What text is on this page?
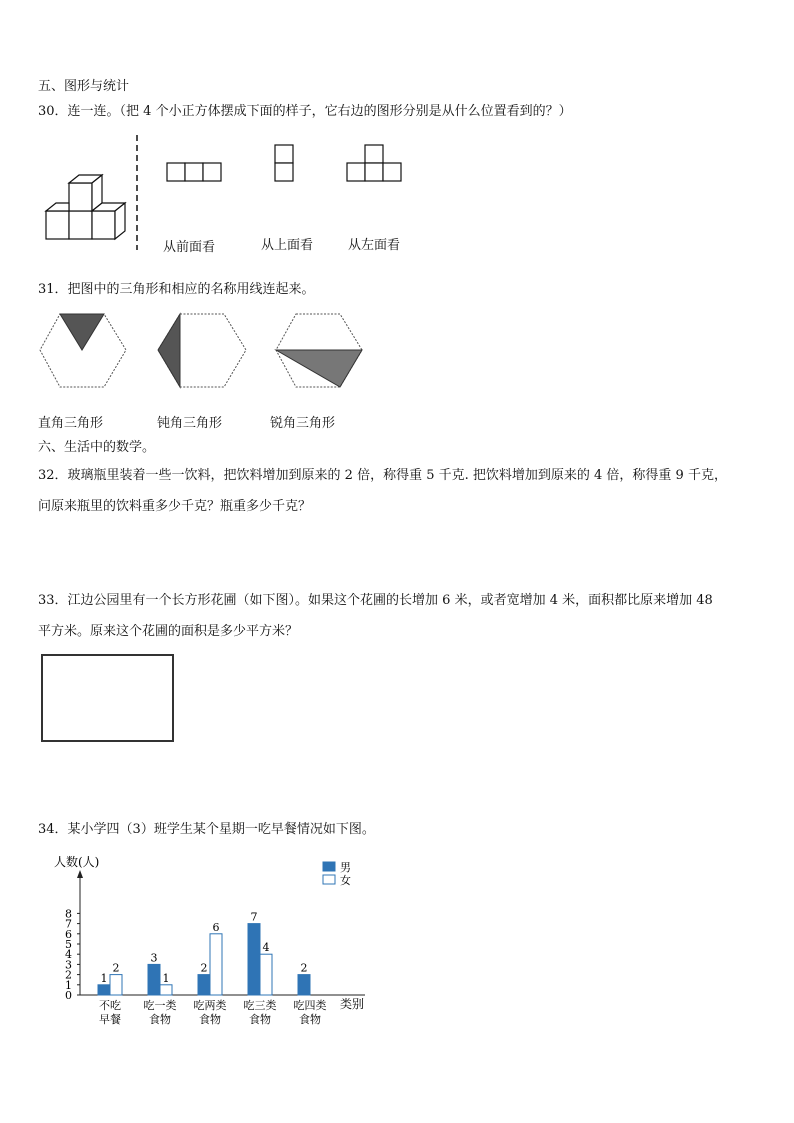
五、图形与统计
30．连一连。（把 4 个小正方体摆成下面的样子，它右边的图形分别是从什么位置看到的？）
从前面看	从上面看	从左面看
31．把图中的三角形和相应的名称用线连起来。
直角三角形	钝角三角形	锐角三角形
六、生活中的数学。
32．玻璃瓶里装着一些一饮料，把饮料增加到原来的 2 倍，称得重 5 千克. 把饮料增加到原来的 4 倍，称得重 9 千克，
问原来瓶里的饮料重多少千克？瓶重多少千克？
33．江边公园里有一个长方形花圃（如下图）。如果这个花圃的长增加 6 米，或者宽增加 4 米，面积都比原来增加 48
平方米。原来这个花圃的面积是多少平方米？
34．某小学四（3）班学生某个星期一吃早餐情况如下图。
人数(人)
类别
男
女
0
1
2
3
4
5
6
7
8
1
2
3
1
2
6
7
4
2
不吃
早餐
吃一类
食物
吃两类
食物
吃三类
食物
吃四类
食物
